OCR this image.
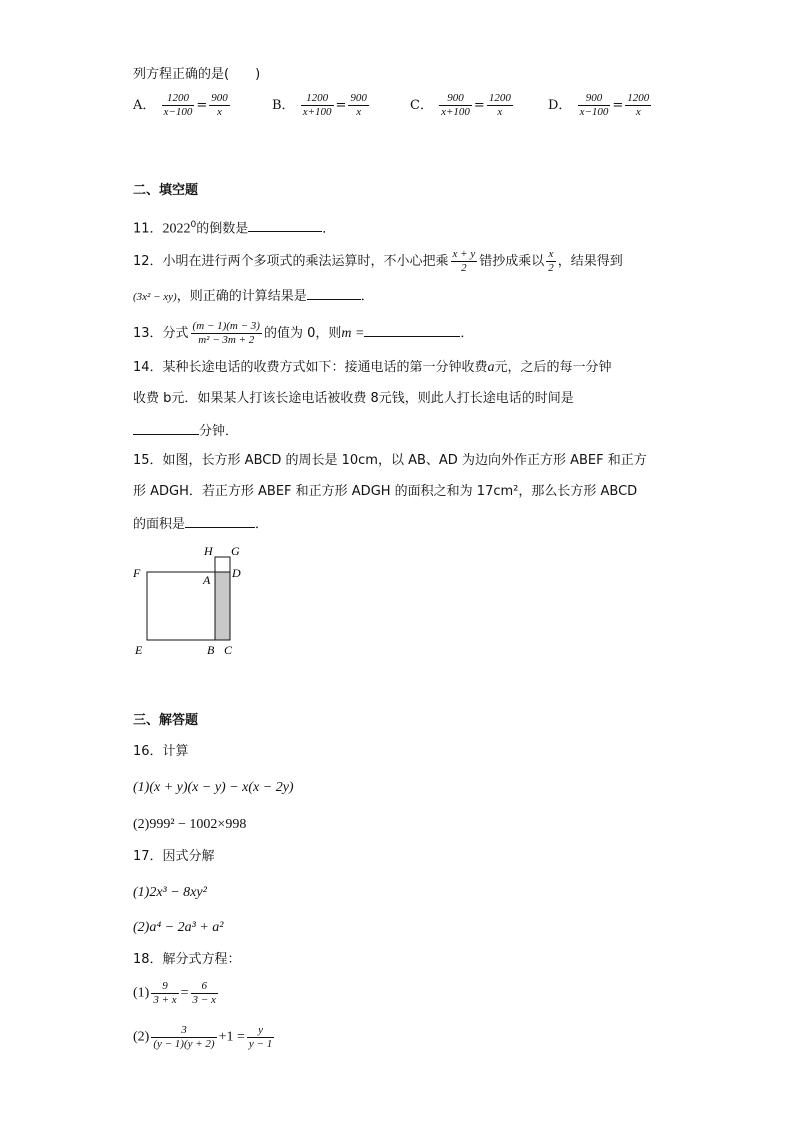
列方程正确的是(　　)
A． $\frac{1200}{x-100} = \frac{900}{x}$	B． $\frac{1200}{x+100} = \frac{900}{x}$	C． $\frac{900}{x+100} = \frac{1200}{x}$	D． $\frac{900}{x-100} = \frac{1200}{x}$
二、填空题
11．2022$^0$的倒数是	．
12．小明在进行两个多项式的乘法运算时，不小心把乘 $\frac{x + y}{2}$ 错抄成乘以 $\frac{x}{2}$ ，结果得到
(3x² − xy)，则正确的计算结果是	．
13．分式 $\frac{(m - 1)(m - 3)}{\text{m² − 3m + 2}}$ 的值为 0，则m =	．
14．某种长途电话的收费方式如下：接通电话的第一分钟收费a元，之后的每一分钟
收费 b元．如果某人打该长途电话被收费 8元钱，则此人打长途电话的时间是
分钟．
15．如图，长方形 ABCD 的周长是 10cm，以 AB、AD 为边向外作正方形 ABEF 和正方
形 ADGH．若正方形 ABEF 和正方形 ADGH 的面积之和为 17cm²，那么长方形 ABCD
的面积是	．
H G
F	A D
E	B C
三、解答题
16．计算
(1)(x + y)(x − y) − x(x − 2y)
(2)999² − 1002×998
17．因式分解
(1)2x³ − 8xy²
(2)a⁴ − 2a³ + a²
18．解分式方程：
$(1) \frac{9}{3 + x} = \frac{6}{3 - x}$
$(2) \frac{3}{(y - 1)(y + 2)} +1 = \frac{y}{y - 1}$
